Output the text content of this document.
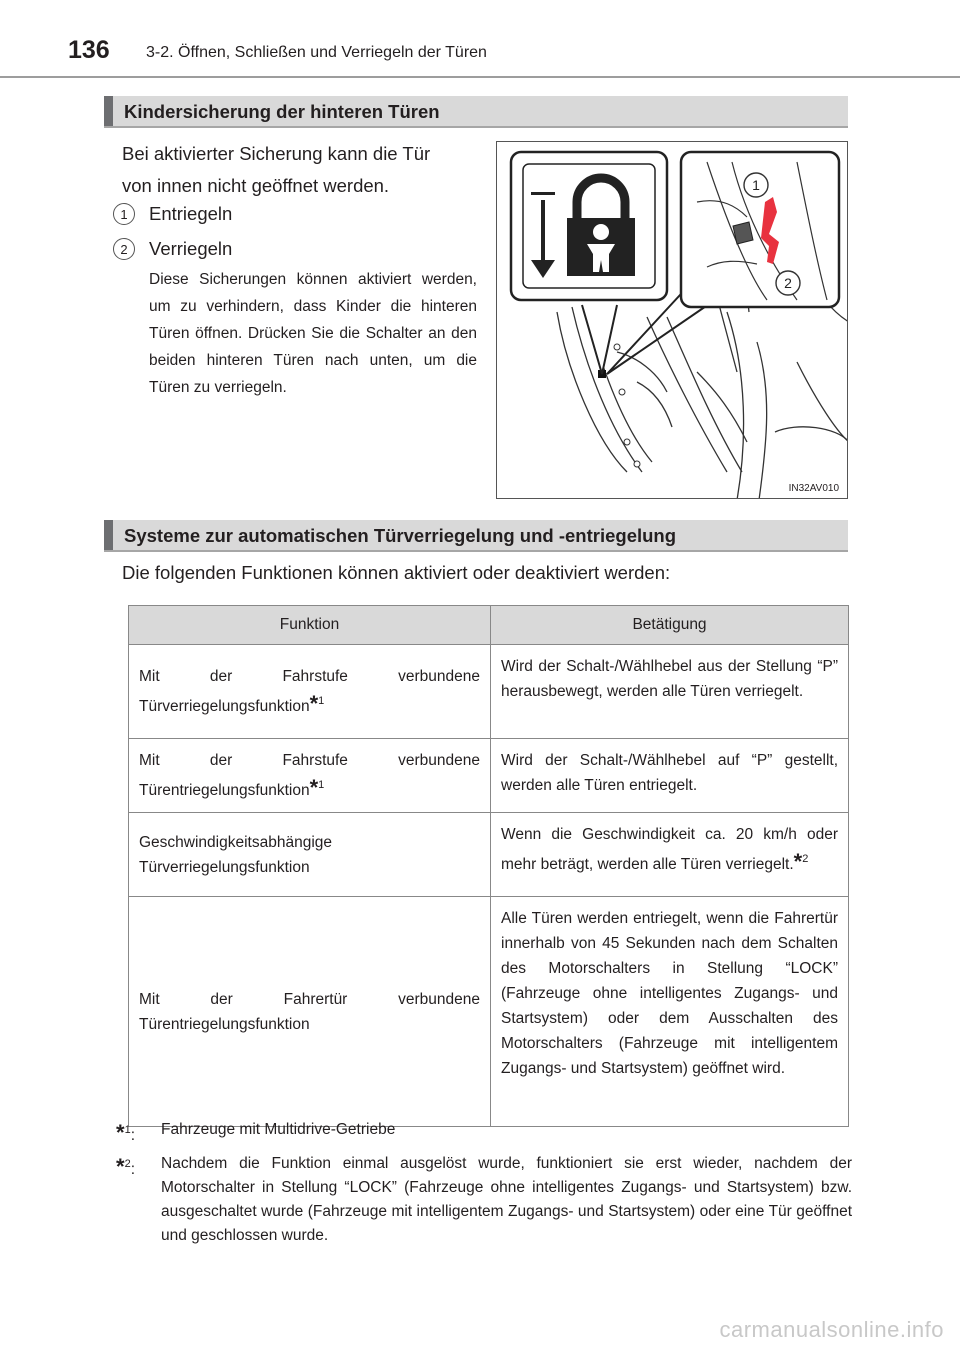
136 3-2. Öffnen, Schließen und Verriegeln der Türen
Kindersicherung der hinteren Türen
Bei aktivierter Sicherung kann die Tür
von innen nicht geöffnet werden.
1 Entriegeln
2 Verriegeln
Diese Sicherungen können aktiviert werden, um zu verhindern, dass Kinder die hinteren Türen öffnen. Drücken Sie die Schalter an den beiden hinteren Türen nach unten, um die Türen zu verriegeln.
1
2
IN32AV010
Systeme zur automatischen Türverriegelung und -entriegelung
Die folgenden Funktionen können aktiviert oder deaktiviert werden:
Funktion	Betätigung
Mit der Fahrstufe verbundene Türverriegelungsfunktion*$^1$	Wird der Schalt-/Wählhebel aus der Stellung “P” herausbewegt, werden alle Türen verriegelt.
Mit der Fahrstufe verbundene Türentriegelungsfunktion*$^1$	Wird der Schalt-/Wählhebel auf “P” gestellt, werden alle Türen entriegelt.
Geschwindigkeitsabhängige Türverriegelungsfunktion	Wenn die Geschwindigkeit ca. 20 km/h oder mehr beträgt, werden alle Türen verriegelt.*$^2$
Mit der Fahrertür verbundene Türentriegelungsfunktion	Alle Türen werden entriegelt, wenn die Fahrertür innerhalb von 45 Sekunden nach dem Schalten des Motorschalters in Stellung “LOCK” (Fahrzeuge ohne intelligentes Zugangs- und Startsystem) oder dem Ausschalten des Motorschalters (Fahrzeuge mit intelligentem Zugangs- und Startsystem) geöffnet wird.
*$^1$: Fahrzeuge mit Multidrive-Getriebe
*$^2$: Nachdem die Funktion einmal ausgelöst wurde, funktioniert sie erst wieder, nachdem der Motorschalter in Stellung “LOCK” (Fahrzeuge ohne intelligentes Zugangs- und Startsystem) bzw. ausgeschaltet wurde (Fahrzeuge mit intelligentem Zugangs- und Startsystem) oder eine Tür geöffnet und geschlossen wurde.
carmanualsonline.info
